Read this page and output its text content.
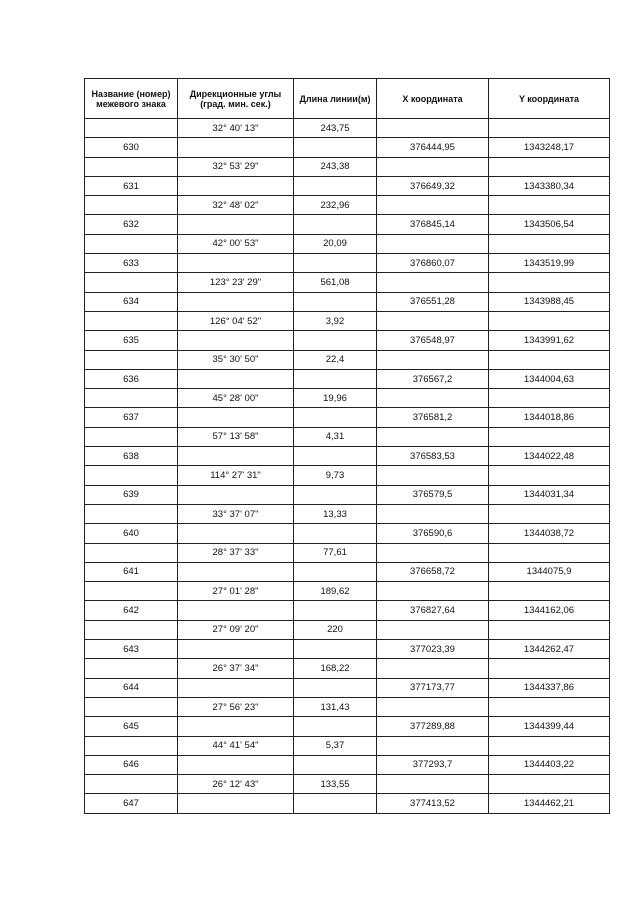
Название (номер) межевого знака	Дирекционные углы (град. мин. сек.)	Длина линии(м)	X координата	Y координата
	32° 40' 13"	243,75		
630			376444,95	1343248,17
	32° 53' 29"	243,38		
631			376649,32	1343380,34
	32° 48' 02"	232,96		
632			376845,14	1343506,54
	42° 00' 53"	20,09		
633			376860,07	1343519,99
	123° 23' 29"	561,08		
634			376551,28	1343988,45
	126° 04' 52"	3,92		
635			376548,97	1343991,62
	35° 30' 50"	22,4		
636			376567,2	1344004,63
	45° 28' 00"	19,96		
637			376581,2	1344018,86
	57° 13' 58"	4,31		
638			376583,53	1344022,48
	114° 27' 31"	9,73		
639			376579,5	1344031,34
	33° 37' 07"	13,33		
640			376590,6	1344038,72
	28° 37' 33"	77,61		
641			376658,72	1344075,9
	27° 01' 28"	189,62		
642			376827,64	1344162,06
	27° 09' 20"	220		
643			377023,39	1344262,47
	26° 37' 34"	168,22		
644			377173,77	1344337,86
	27° 56' 23"	131,43		
645			377289,88	1344399,44
	44° 41' 54"	5,37		
646			377293,7	1344403,22
	26° 12' 43"	133,55		
647			377413,52	1344462,21
